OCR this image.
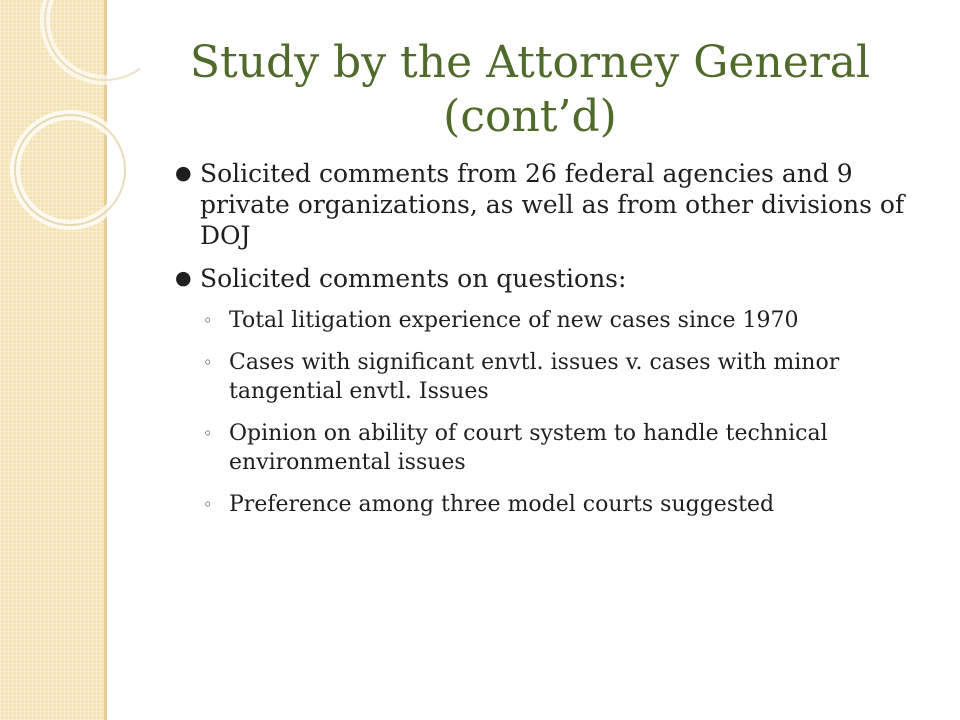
Study by the Attorney General (cont’d)
● Solicited comments from 26 federal agencies and 9 private organizations, as well as from other divisions of DOJ
● Solicited comments on questions:
◦ Total litigation experience of new cases since 1970
◦ Cases with significant envtl. issues v. cases with minor tangential envtl. Issues
◦ Opinion on ability of court system to handle technical environmental issues
◦ Preference among three model courts suggested
